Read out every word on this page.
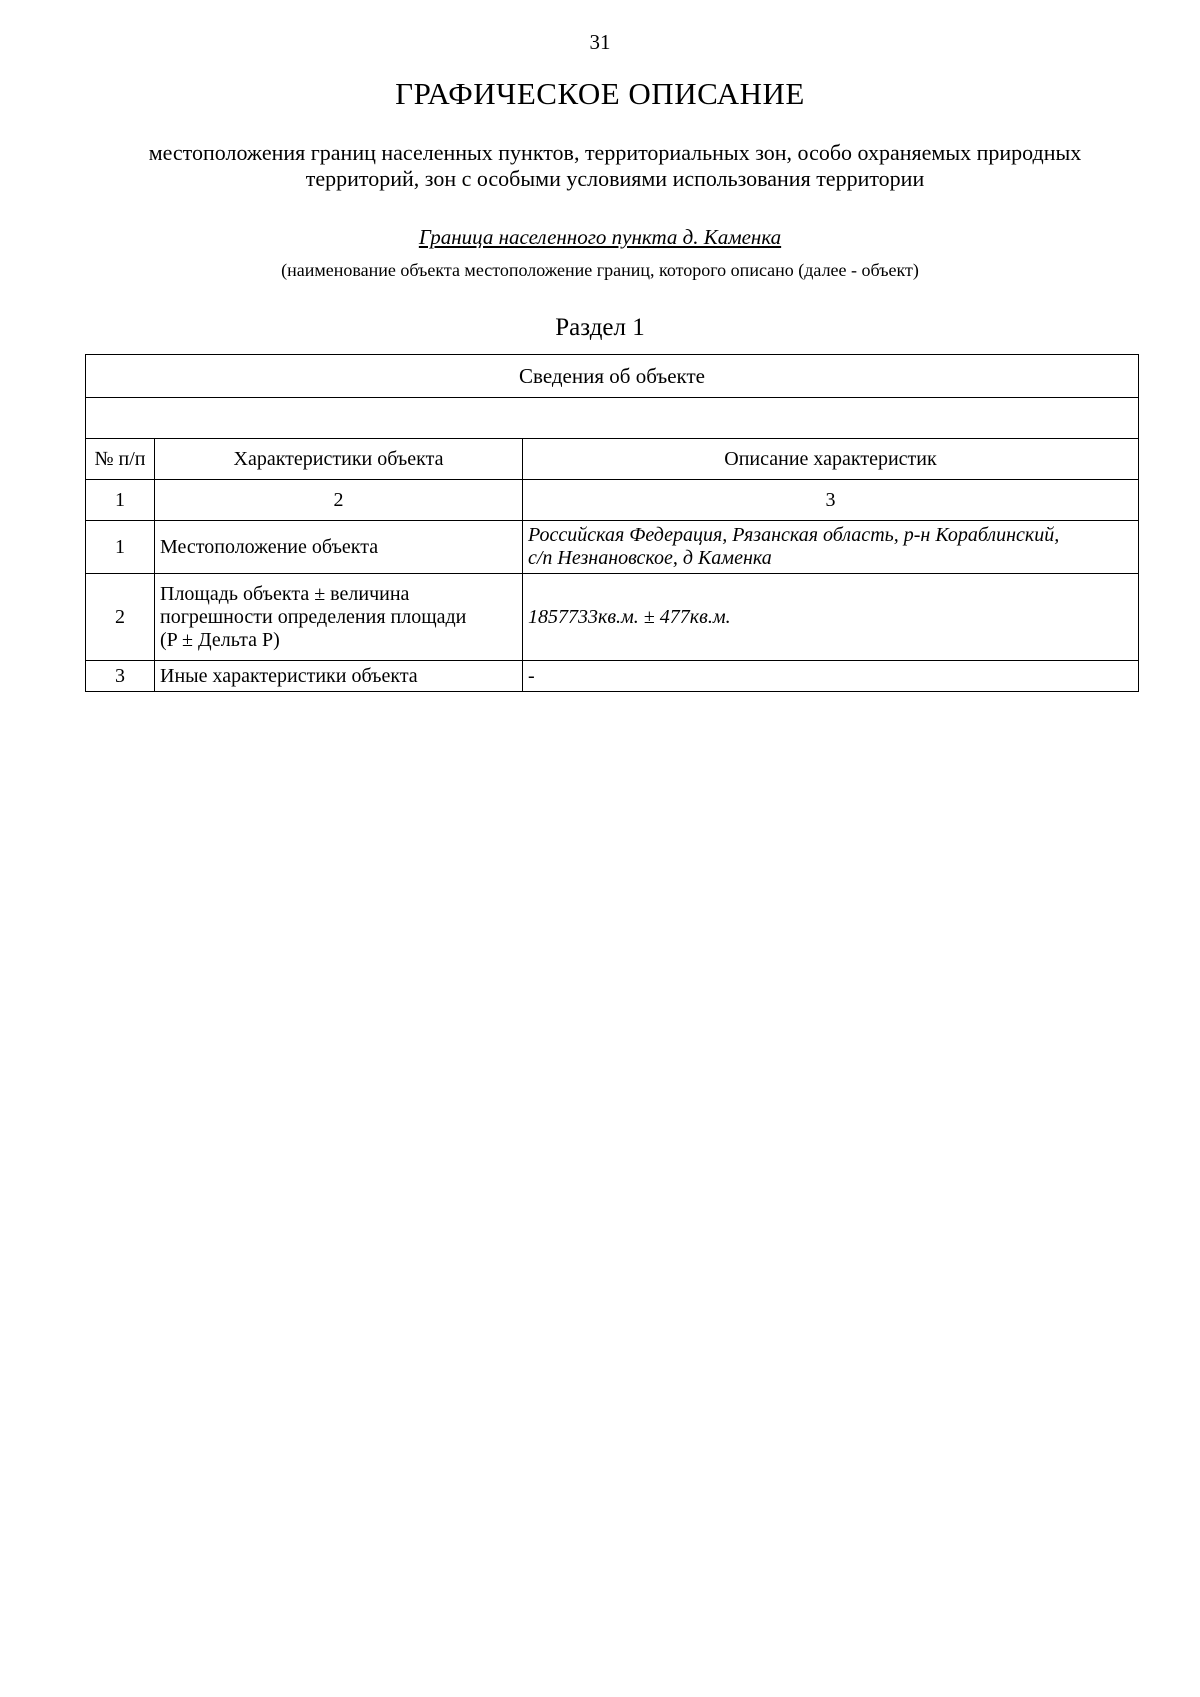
31
ГРАФИЧЕСКОЕ ОПИСАНИЕ
местоположения границ населенных пунктов, территориальных зон, особо охраняемых природных
территорий, зон с особыми условиями использования территории
Граница населенного пункта д. Каменка
(наименование объекта местоположение границ, которого описано (далее - объект)
Раздел 1
Сведения об объекте		

№ п/п	Характеристики объекта	Описание характеристик
1	2	3
1	Местоположение объекта	Российская Федерация, Рязанская область, р-н Кораблинский,
с/п Незнановское, д Каменка

2	Площадь объекта ± величина
погрешности определения площади
(P ± Дельта P)	1857733кв.м. ± 477кв.м.
3	Иные характеристики объекта	-
